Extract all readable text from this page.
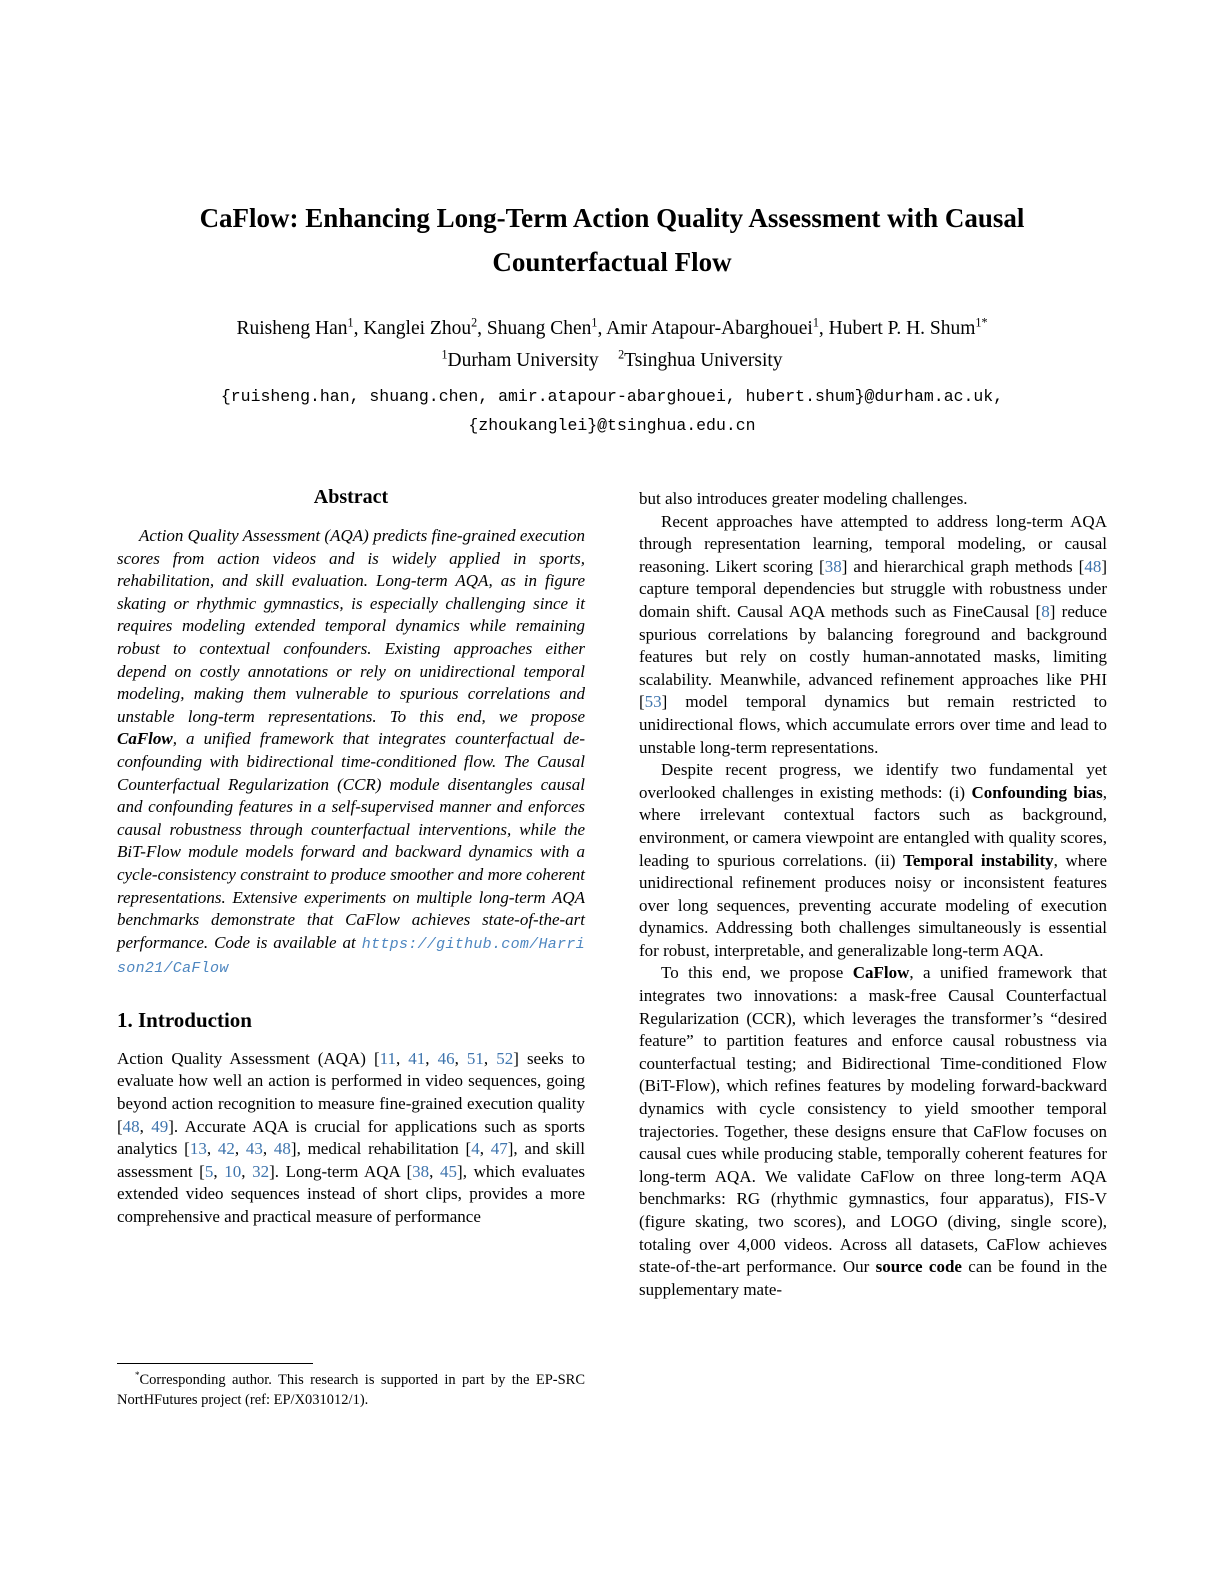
CaFlow: Enhancing Long-Term Action Quality Assessment with Causal
Counterfactual Flow
Ruisheng Han$^1$, Kanglei Zhou$^2$, Shuang Chen$^1$, Amir Atapour-Abarghouei$^1$, Hubert P. H. Shum$^{1*}$
$^1$Durham University $^2$Tsinghua University
{ruisheng.han, shuang.chen, amir.atapour-abarghouei, hubert.shum}@durham.ac.uk,
{zhoukanglei}@tsinghua.edu.cn
Abstract

Action Quality Assessment (AQA) predicts fine-grained execution scores from action videos and is widely applied in sports, rehabilitation, and skill evaluation. Long-term AQA, as in figure skating or rhythmic gymnastics, is especially challenging since it requires modeling extended temporal dynamics while remaining robust to contextual confounders. Existing approaches either depend on costly annotations or rely on unidirectional temporal modeling, making them vulnerable to spurious correlations and unstable long-term representations. To this end, we propose CaFlow, a unified framework that integrates counterfactual de-confounding with bidirectional time-conditioned flow. The Causal Counterfactual Regularization (CCR) module disentangles causal and confounding features in a self-supervised manner and enforces causal robustness through counterfactual interventions, while the BiT-Flow module models forward and backward dynamics with a cycle-consistency constraint to produce smoother and more coherent representations. Extensive experiments on multiple long-term AQA benchmarks demonstrate that CaFlow achieves state-of-the-art performance. Code is available at https://github.com/Harrison21/CaFlow

1. Introduction

Action Quality Assessment (AQA) [11, 41, 46, 51, 52] seeks to evaluate how well an action is performed in video sequences, going beyond action recognition to measure fine-grained execution quality [48, 49]. Accurate AQA is crucial for applications such as sports analytics [13, 42, 43, 48], medical rehabilitation [4, 47], and skill assessment [5, 10, 32]. Long-term AQA [38, 45], which evaluates extended video sequences instead of short clips, provides a more comprehensive and practical measure of performance

but also introduces greater modeling challenges.

Recent approaches have attempted to address long-term AQA through representation learning, temporal modeling, or causal reasoning. Likert scoring [38] and hierarchical graph methods [48] capture temporal dependencies but struggle with robustness under domain shift. Causal AQA methods such as FineCausal [8] reduce spurious correlations by balancing foreground and background features but rely on costly human-annotated masks, limiting scalability. Meanwhile, advanced refinement approaches like PHI [53] model temporal dynamics but remain restricted to unidirectional flows, which accumulate errors over time and lead to unstable long-term representations.

Despite recent progress, we identify two fundamental yet overlooked challenges in existing methods: (i) Confounding bias, where irrelevant contextual factors such as background, environment, or camera viewpoint are entangled with quality scores, leading to spurious correlations. (ii) Temporal instability, where unidirectional refinement produces noisy or inconsistent features over long sequences, preventing accurate modeling of execution dynamics. Addressing both challenges simultaneously is essential for robust, interpretable, and generalizable long-term AQA.

To this end, we propose CaFlow, a unified framework that integrates two innovations: a mask-free Causal Counterfactual Regularization (CCR), which leverages the transformer’s “desired feature” to partition features and enforce causal robustness via counterfactual testing; and Bidirectional Time-conditioned Flow (BiT-Flow), which refines features by modeling forward-backward dynamics with cycle consistency to yield smoother temporal trajectories. Together, these designs ensure that CaFlow focuses on causal cues while producing stable, temporally coherent features for long-term AQA. We validate CaFlow on three long-term AQA benchmarks: RG (rhythmic gymnastics, four apparatus), FIS-V (figure skating, two scores), and LOGO (diving, single score), totaling over 4,000 videos. Across all datasets, CaFlow achieves state-of-the-art performance. Our source code can be found in the supplementary mate-

*Corresponding author. This research is supported in part by the EP-SRC NortHFutures project (ref: EP/X031012/1).
